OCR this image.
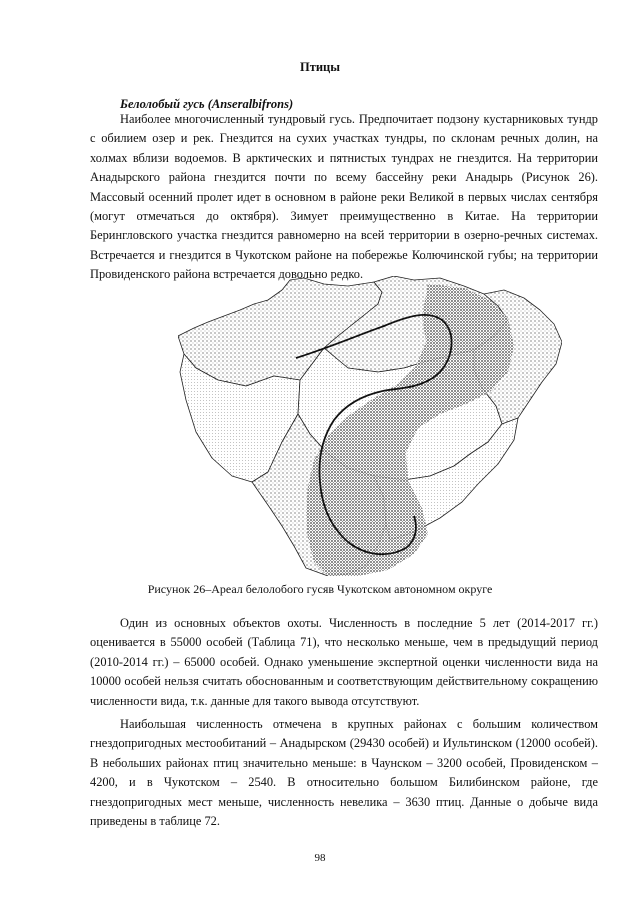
Птицы
Белолобый гусь (Anseralbifrons)

Наиболее многочисленный тундровый гусь. Предпочитает подзону кустарниковых тундр с обилием озер и рек. Гнездится на сухих участках тундры, по склонам речных долин, на холмах вблизи водоемов. В арктических и пятнистых тундрах не гнездится. На территории Анадырского района гнездится почти по всему бассейну реки Анадырь (Рисунок 26). Массовый осенний пролет идет в основном в районе реки Великой в первых числах сентября (могут отмечаться до октября). Зимует преимущественно в Китае. На территории Берингловского участка гнездится равномерно на всей территории в озерно-речных системах. Встречается и гнездится в Чукотском районе на побережье Колючинской губы; на территории Провиденского района встречается довольно редко.

Рисунок 26–Ареал белолобого гусяв Чукотском автономном округе

Один из основных объектов охоты. Численность в последние 5 лет (2014-2017 гг.) оценивается в 55000 особей (Таблица 71), что несколько меньше, чем в предыдущий период (2010-2014 гг.) – 65000 особей. Однако уменьшение экспертной оценки численности вида на 10000 особей нельзя считать обоснованным и соответствующим действительному сокращению численности вида, т.к. данные для такого вывода отсутствуют.

Наибольшая численность отмечена в крупных районах с большим количеством гнездопригодных местообитаний – Анадырском (29430 особей) и Иультинском (12000 особей). В небольших районах птиц значительно меньше: в Чаунском – 3200 особей, Провиденском – 4200, и в Чукотском – 2540. В относительно большом Билибинском районе, где гнездопригодных мест меньше, численность невелика – 3630 птиц. Данные о добыче вида приведены в таблице 72.

98
